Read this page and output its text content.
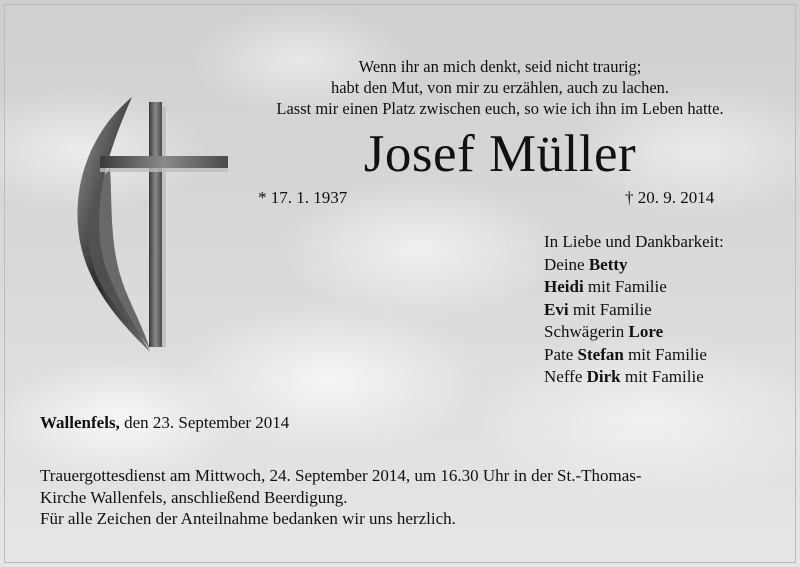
Wenn ihr an mich denkt, seid nicht traurig;
habt den Mut, von mir zu erzählen, auch zu lachen.
Lasst mir einen Platz zwischen euch, so wie ich ihn im Leben hatte.
Josef Müller
* 17. 1. 1937	† 20. 9. 2014
In Liebe und Dankbarkeit:
Deine Betty
Heidi mit Familie
Evi mit Familie
Schwägerin Lore
Pate Stefan mit Familie
Neffe Dirk mit Familie
Wallenfels, den 23. September 2014
Trauergottesdienst am Mittwoch, 24. September 2014, um 16.30 Uhr in der St.-Thomas-
Kirche Wallenfels, anschließend Beerdigung.
Für alle Zeichen der Anteilnahme bedanken wir uns herzlich.
